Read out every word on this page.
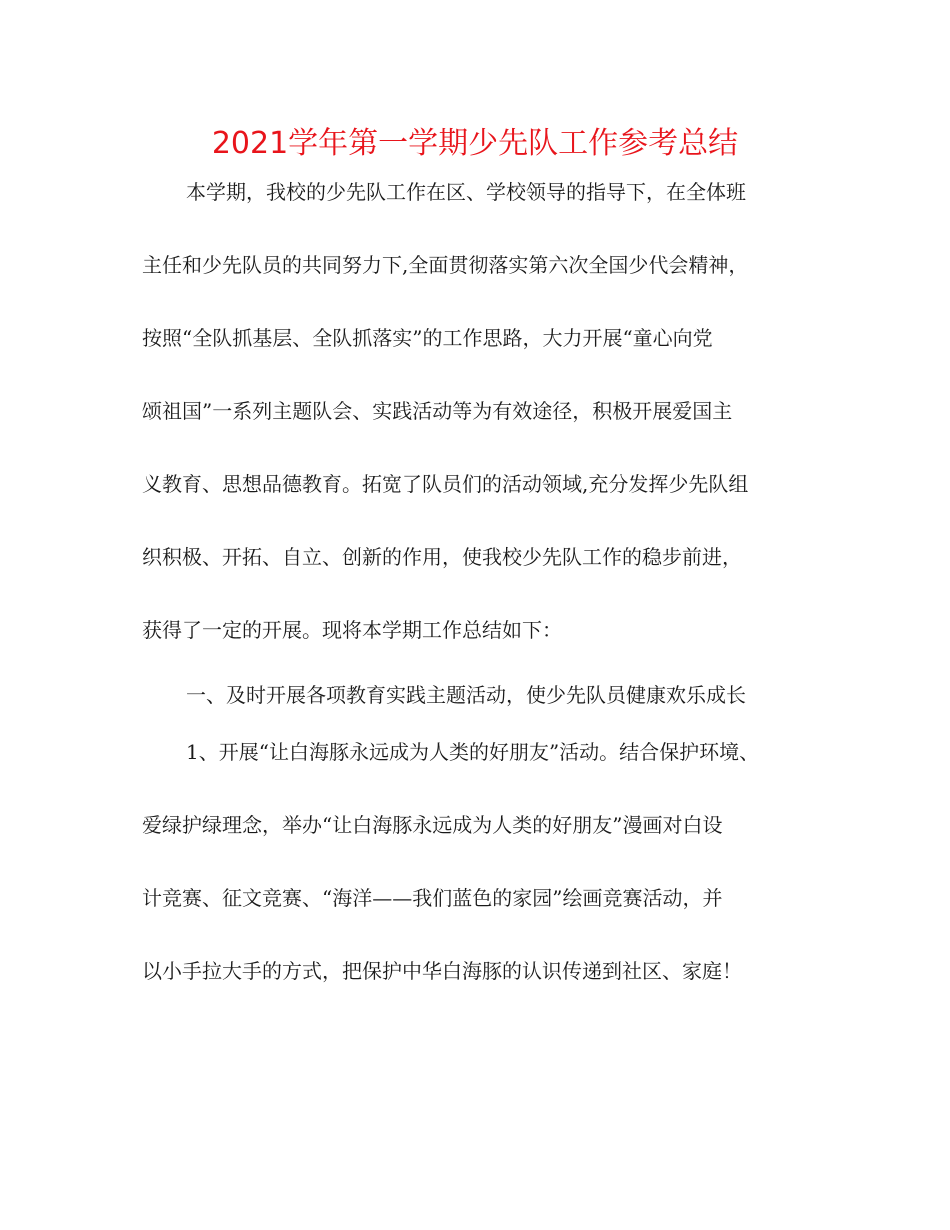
2021学年第一学期少先队工作参考总结

本学期，我校的少先队工作在区、学校领导的指导下，在全体班

主任和少先队员的共同努力下,全面贯彻落实第六次全国少代会精神，

按照“全队抓基层、全队抓落实”的工作思路，大力开展“童心向党

颂祖国”一系列主题队会、实践活动等为有效途径，积极开展爱国主

义教育、思想品德教育。拓宽了队员们的活动领域,充分发挥少先队组

织积极、开拓、自立、创新的作用，使我校少先队工作的稳步前进，

获得了一定的开展。现将本学期工作总结如下：

一、及时开展各项教育实践主题活动，使少先队员健康欢乐成长

1、开展“让白海豚永远成为人类的好朋友”活动。结合保护环境、

爱绿护绿理念，举办“让白海豚永远成为人类的好朋友”漫画对白设

计竞赛、征文竞赛、“海洋——我们蓝色的家园”绘画竞赛活动，并

以小手拉大手的方式，把保护中华白海豚的认识传递到社区、家庭！
